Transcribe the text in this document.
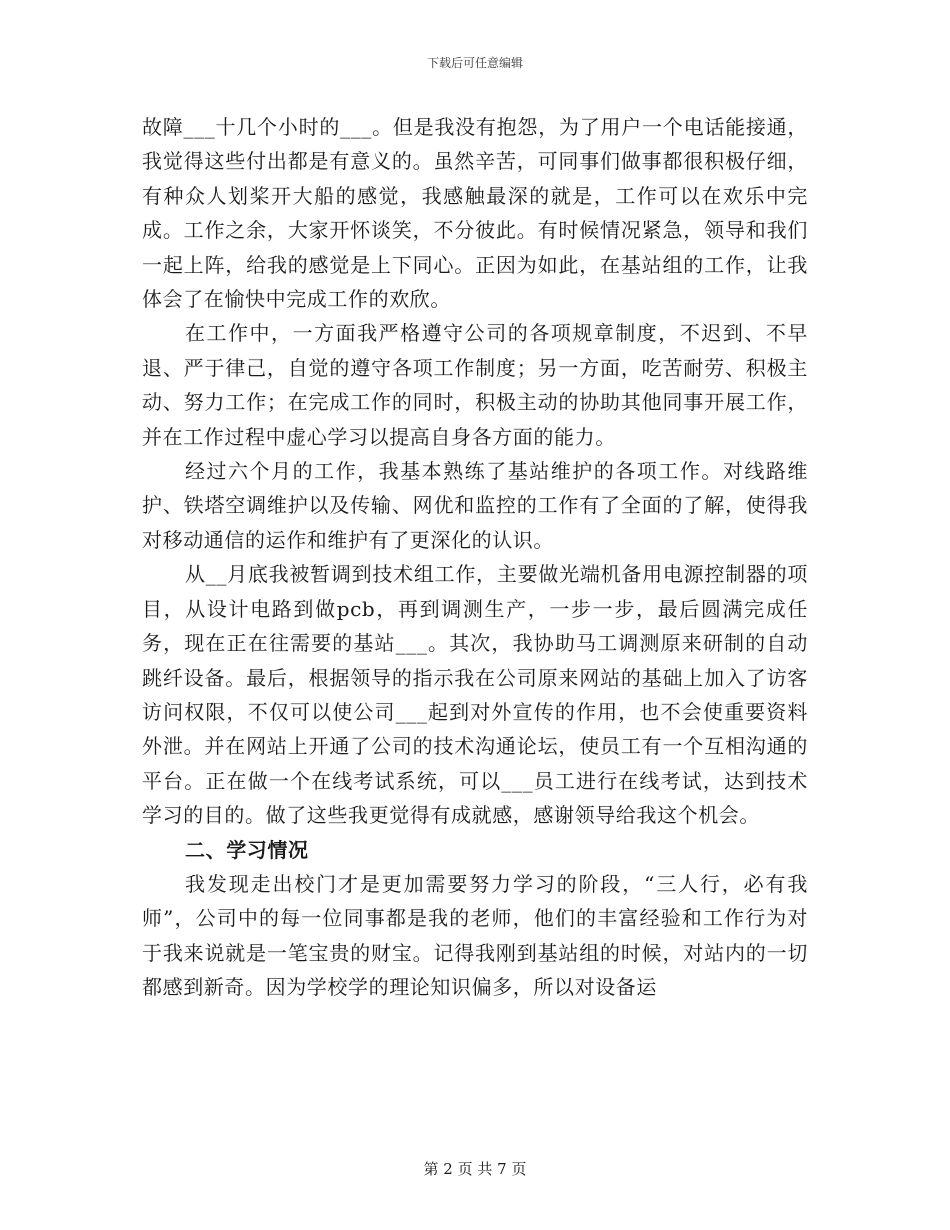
下载后可任意编辑

故障___十几个小时的___。但是我没有抱怨，为了用户一个电话能接通，我觉得这些付出都是有意义的。虽然辛苦，可同事们做事都很积极仔细，有种众人划桨开大船的感觉，我感触最深的就是，工作可以在欢乐中完成。工作之余，大家开怀谈笑，不分彼此。有时候情况紧急，领导和我们一起上阵，给我的感觉是上下同心。正因为如此，在基站组的工作，让我体会了在愉快中完成工作的欢欣。

在工作中，一方面我严格遵守公司的各项规章制度，不迟到、不早退、严于律己，自觉的遵守各项工作制度；另一方面，吃苦耐劳、积极主动、努力工作；在完成工作的同时，积极主动的协助其他同事开展工作，并在工作过程中虚心学习以提高自身各方面的能力。

经过六个月的工作，我基本熟练了基站维护的各项工作。对线路维护、铁塔空调维护以及传输、网优和监控的工作有了全面的了解，使得我对移动通信的运作和维护有了更深化的认识。

从__月底我被暂调到技术组工作，主要做光端机备用电源控制器的项目，从设计电路到做pcb，再到调测生产，一步一步，最后圆满完成任务，现在正在往需要的基站___。其次，我协助马工调测原来研制的自动跳纤设备。最后，根据领导的指示我在公司原来网站的基础上加入了访客访问权限，不仅可以使公司___起到对外宣传的作用，也不会使重要资料外泄。并在网站上开通了公司的技术沟通论坛，使员工有一个互相沟通的平台。正在做一个在线考试系统，可以___员工进行在线考试，达到技术学习的目的。做了这些我更觉得有成就感，感谢领导给我这个机会。

二、学习情况

我发现走出校门才是更加需要努力学习的阶段，“三人行，必有我师”，公司中的每一位同事都是我的老师，他们的丰富经验和工作行为对于我来说就是一笔宝贵的财宝。记得我刚到基站组的时候，对站内的一切都感到新奇。因为学校学的理论知识偏多，所以对设备运

第 2 页 共 7 页
